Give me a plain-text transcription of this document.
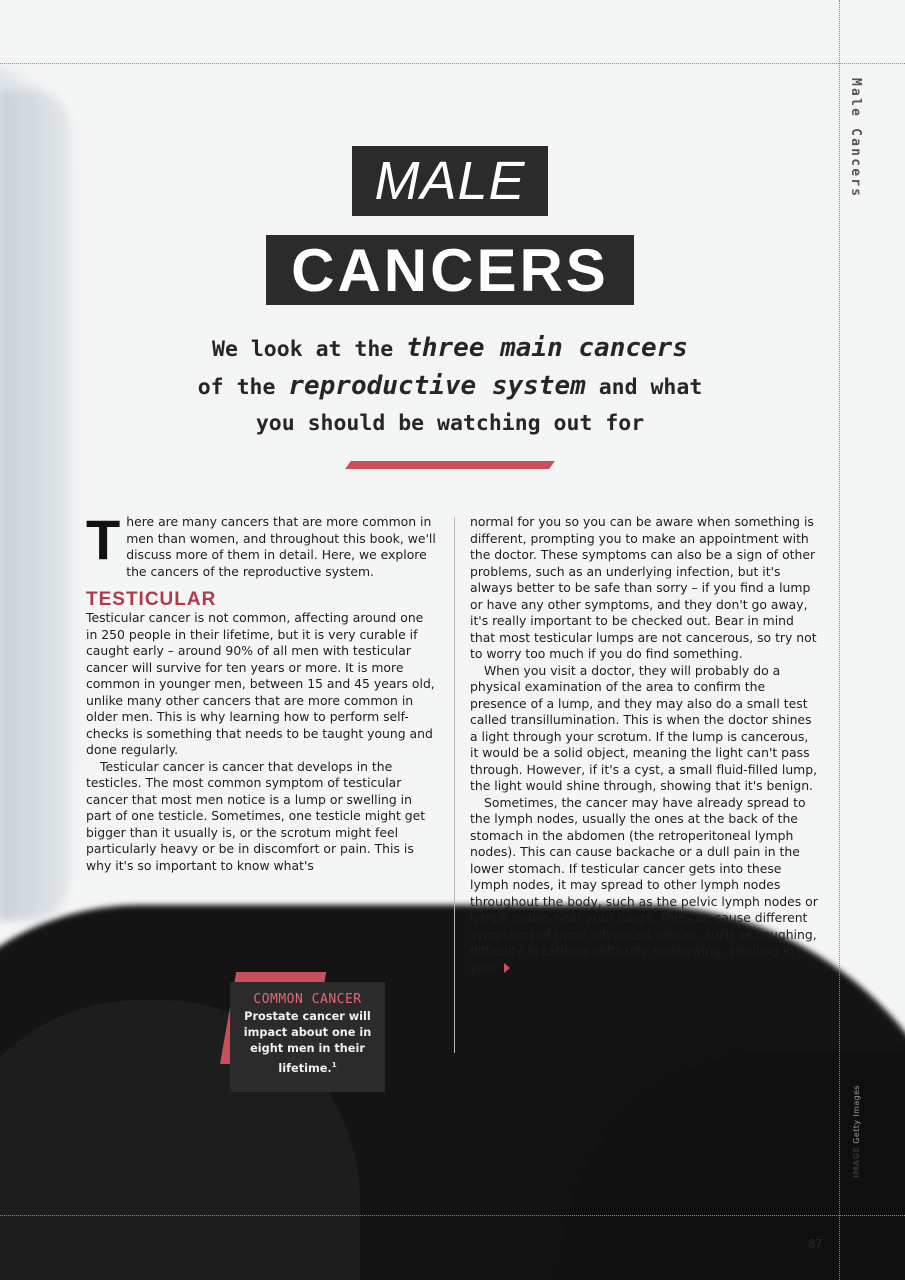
Male Cancers
MALE
CANCERS
We look at the three main cancers
of the reproductive system and what
you should be watching out for

There are many cancers that are more common in men than women, and throughout this book, we'll discuss more of them in detail. Here, we explore the cancers of the reproductive system.

TESTICULAR

Testicular cancer is not common, affecting around one in 250 people in their lifetime, but it is very curable if caught early – around 90% of all men with testicular cancer will survive for ten years or more. It is more common in younger men, between 15 and 45 years old, unlike many other cancers that are more common in older men. This is why learning how to perform self-checks is something that needs to be taught young and done regularly.

Testicular cancer is cancer that develops in the testicles. The most common symptom of testicular cancer that most men notice is a lump or swelling in part of one testicle. Sometimes, one testicle might get bigger than it usually is, or the scrotum might feel particularly heavy or be in discomfort or pain. This is why it's so important to know what's

normal for you so you can be aware when something is different, prompting you to make an appointment with the doctor. These symptoms can also be a sign of other problems, such as an underlying infection, but it's always better to be safe than sorry – if you find a lump or have any other symptoms, and they don't go away, it's really important to be checked out. Bear in mind that most testicular lumps are not cancerous, so try not to worry too much if you do find something.

When you visit a doctor, they will probably do a physical examination of the area to confirm the presence of a lump, and they may also do a small test called transillumination. This is when the doctor shines a light through your scrotum. If the lump is cancerous, it would be a solid object, meaning the light can't pass through. However, if it's a cyst, a small fluid-filled lump, the light would shine through, showing that it's benign.

Sometimes, the cancer may have already spread to the lymph nodes, usually the ones at the back of the stomach in the abdomen (the retroperitoneal lymph nodes). This can cause backache or a dull pain in the lower stomach. If testicular cancer gets into these lymph nodes, it may spread to other lymph nodes throughout the body, such as the pelvic lymph nodes or lymph nodes near your lungs. This can cause different symptoms of more advanced cancer, such as coughing, difficulty breathing, difficulty swallowing, swelling in your

COMMON CANCER
Prostate cancer will impact about one in eight men in their lifetime.$^1$
IMAGE Getty Images
87
